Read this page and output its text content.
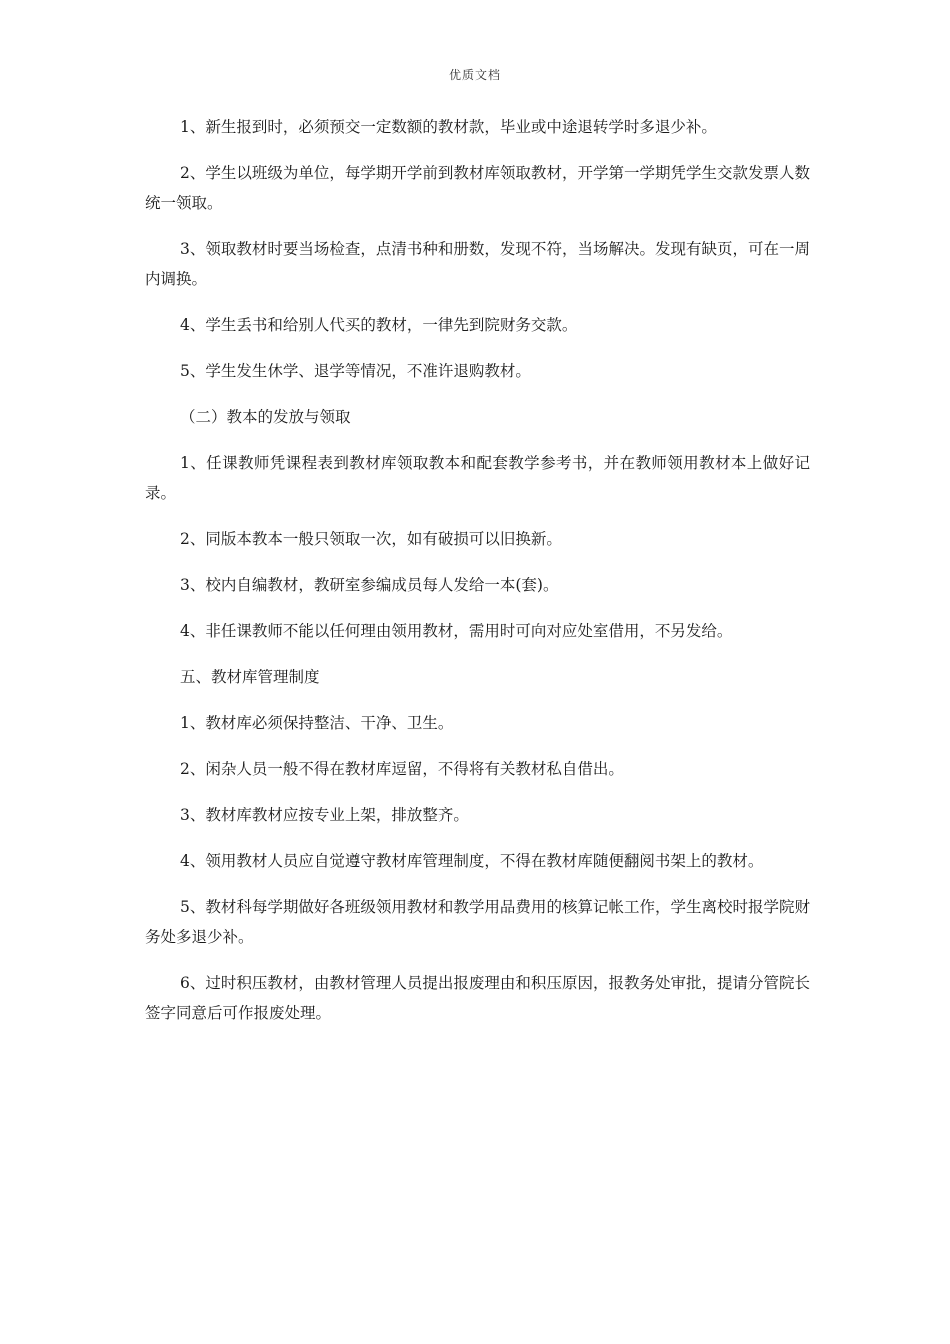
优质文档

1、新生报到时，必须预交一定数额的教材款，毕业或中途退转学时多退少补。

2、学生以班级为单位，每学期开学前到教材库领取教材，开学第一学期凭学生交款发票人数统一领取。

3、领取教材时要当场检查，点清书种和册数，发现不符，当场解决。发现有缺页，可在一周内调换。

4、学生丢书和给别人代买的教材，一律先到院财务交款。

5、学生发生休学、退学等情况，不准许退购教材。

（二）教本的发放与领取

1、任课教师凭课程表到教材库领取教本和配套教学参考书，并在教师领用教材本上做好记录。

2、同版本教本一般只领取一次，如有破损可以旧换新。

3、校内自编教材，教研室参编成员每人发给一本(套)。

4、非任课教师不能以任何理由领用教材，需用时可向对应处室借用，不另发给。

五、教材库管理制度

1、教材库必须保持整洁、干净、卫生。

2、闲杂人员一般不得在教材库逗留，不得将有关教材私自借出。

3、教材库教材应按专业上架，排放整齐。

4、领用教材人员应自觉遵守教材库管理制度，不得在教材库随便翻阅书架上的教材。

5、教材科每学期做好各班级领用教材和教学用品费用的核算记帐工作，学生离校时报学院财务处多退少补。

6、过时积压教材，由教材管理人员提出报废理由和积压原因，报教务处审批，提请分管院长签字同意后可作报废处理。
